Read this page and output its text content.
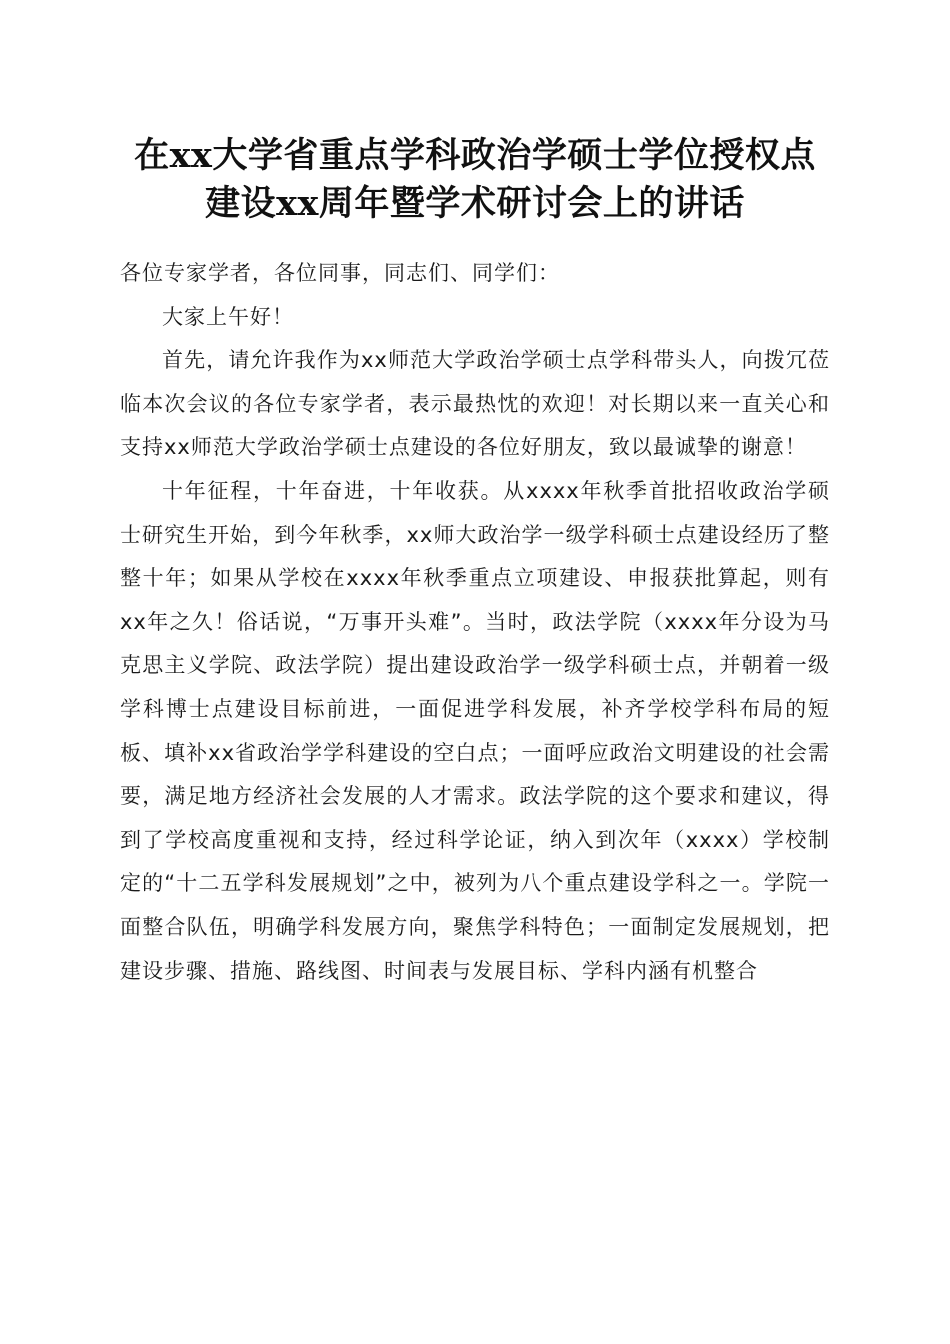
在xx大学省重点学科政治学硕士学位授权点
建设xx周年暨学术研讨会上的讲话

各位专家学者，各位同事，同志们、同学们：

大家上午好！

首先，请允许我作为xx师范大学政治学硕士点学科带头人，向拨冗莅临本次会议的各位专家学者，表示最热忱的欢迎！对长期以来一直关心和支持xx师范大学政治学硕士点建设的各位好朋友，致以最诚挚的谢意！

十年征程，十年奋进，十年收获。从xxxx年秋季首批招收政治学硕士研究生开始，到今年秋季，xx师大政治学一级学科硕士点建设经历了整整十年；如果从学校在xxxx年秋季重点立项建设、申报获批算起，则有xx年之久！俗话说，“万事开头难”。当时，政法学院（xxxx年分设为马克思主义学院、政法学院）提出建设政治学一级学科硕士点，并朝着一级学科博士点建设目标前进，一面促进学科发展，补齐学校学科布局的短板、填补xx省政治学学科建设的空白点；一面呼应政治文明建设的社会需要，满足地方经济社会发展的人才需求。政法学院的这个要求和建议，得到了学校高度重视和支持，经过科学论证，纳入到次年（xxxx）学校制定的“十二五学科发展规划”之中，被列为八个重点建设学科之一。学院一面整合队伍，明确学科发展方向，聚焦学科特色；一面制定发展规划，把建设步骤、措施、路线图、时间表与发展目标、学科内涵有机整合
